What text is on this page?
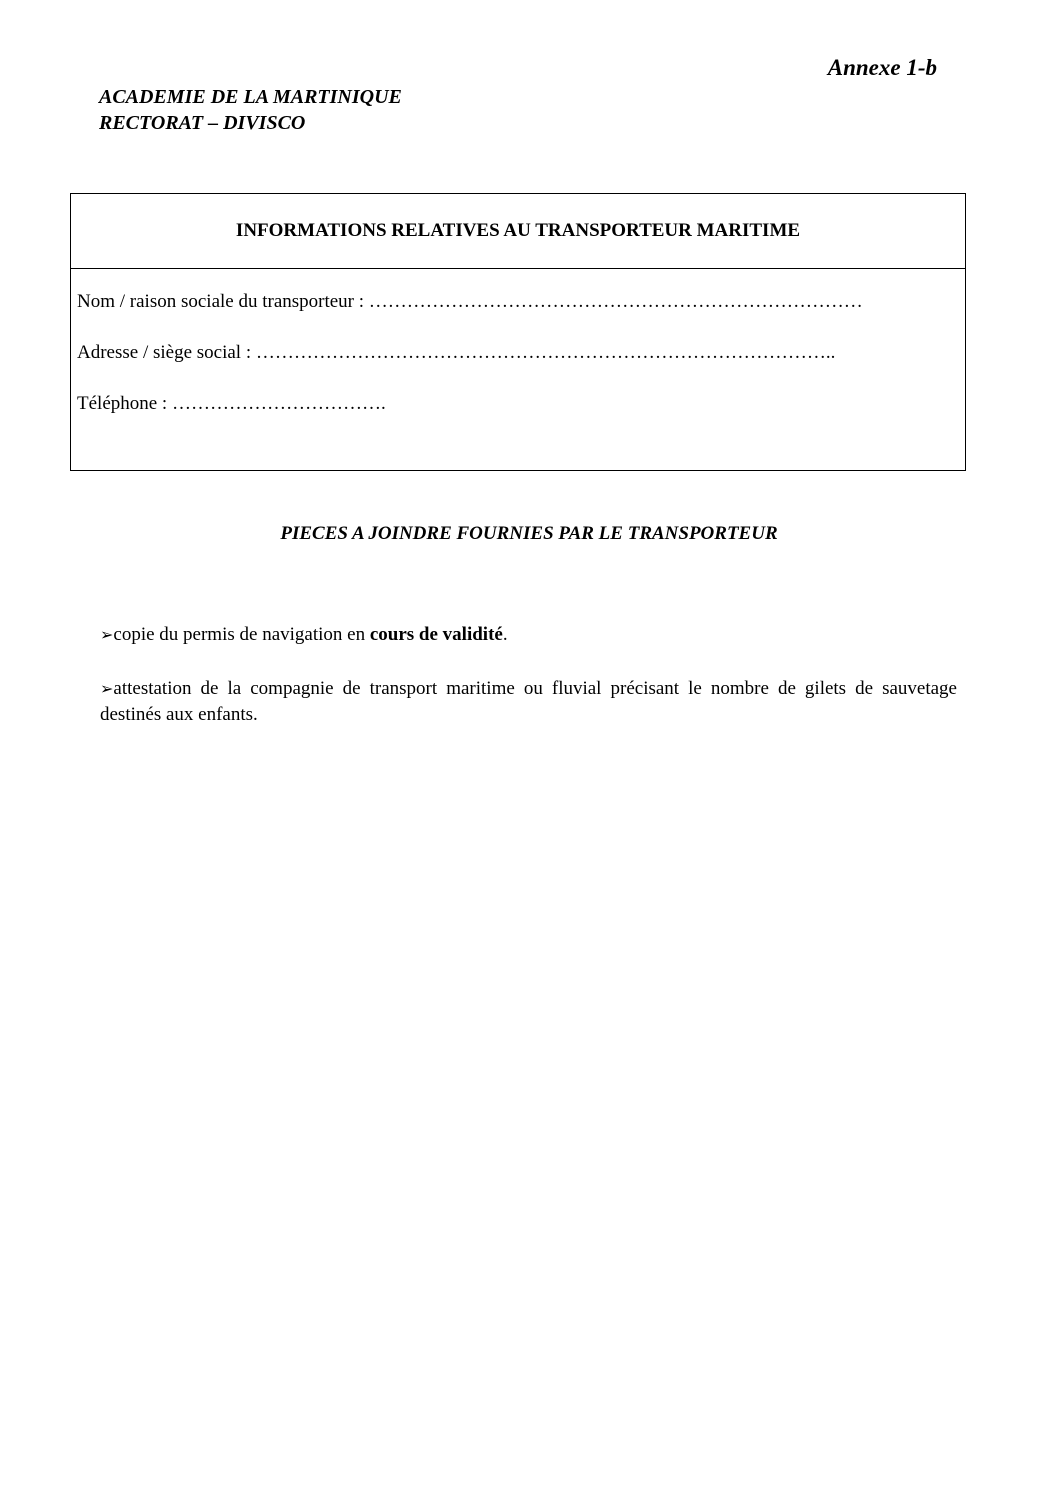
Annexe 1-b
ACADEMIE DE LA MARTINIQUE
RECTORAT – DIVISCO
INFORMATIONS RELATIVES AU TRANSPORTEUR MARITIME
Nom / raison sociale du transporteur : ……………………………………………………………………
Adresse / siège social : ………………………………………………………………………………..
Téléphone : …………………………….
PIECES A JOINDRE FOURNIES PAR LE TRANSPORTEUR
➢copie du permis de navigation en cours de validité.
➢attestation de la compagnie de transport maritime ou fluvial précisant le nombre de gilets de sauvetage destinés aux enfants.
